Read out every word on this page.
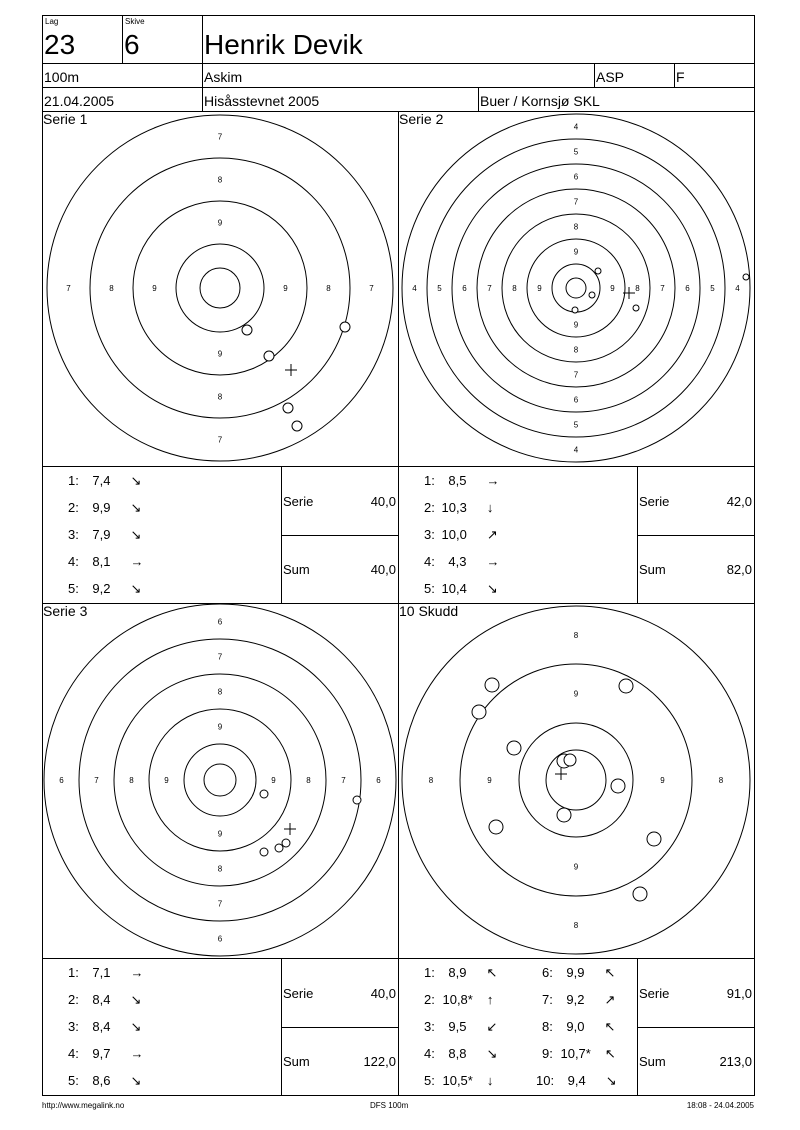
Lag
23
Skive
6 Henrik Devik
100m	Askim	ASP	F
21.04.2005	Hisåsstevnet 2005	Buer / Kornsjø SKL
Serie 1	Serie 2
Serie 3	10 Skudd
9
9
9	9
8
8
8	8
7
7
7	7
9
9
9	9
8
8
8	8
7
7
7	7
6
6
6	6
5
5
5	5
4
4
4	4
9
9
9	9
8
8
8	8
7
7
7	7
6
6
6	6
9
9
9	9
8
8
8	8
1: 7,4 ↘
2: 9,9 ↘
3: 7,9 ↘
4: 8,1 →
5: 9,2 ↘
Serie	40,0
Sum	40,0
1: 8,5 →
2: 10,3 ↓
3: 10,0 ↗
4: 4,3 →
5: 10,4 ↘
Serie	42,0
Sum	82,0
1: 7,1 →
2: 8,4 ↘
3: 8,4 ↘
4: 9,7 →
5: 8,6 ↘
Serie	40,0
Sum	122,0
1: 8,9 ↖
2: 10,8* ↑
3: 9,5 ↙
4: 8,8 ↘
5: 10,5* ↓
6: 9,9 ↖
7: 9,2 ↗
8: 9,0 ↖
9: 10,7* ↖
10: 9,4 ↘
Serie	91,0
Sum	213,0
http://www.megalink.no	DFS 100m	18:08 - 24.04.2005
